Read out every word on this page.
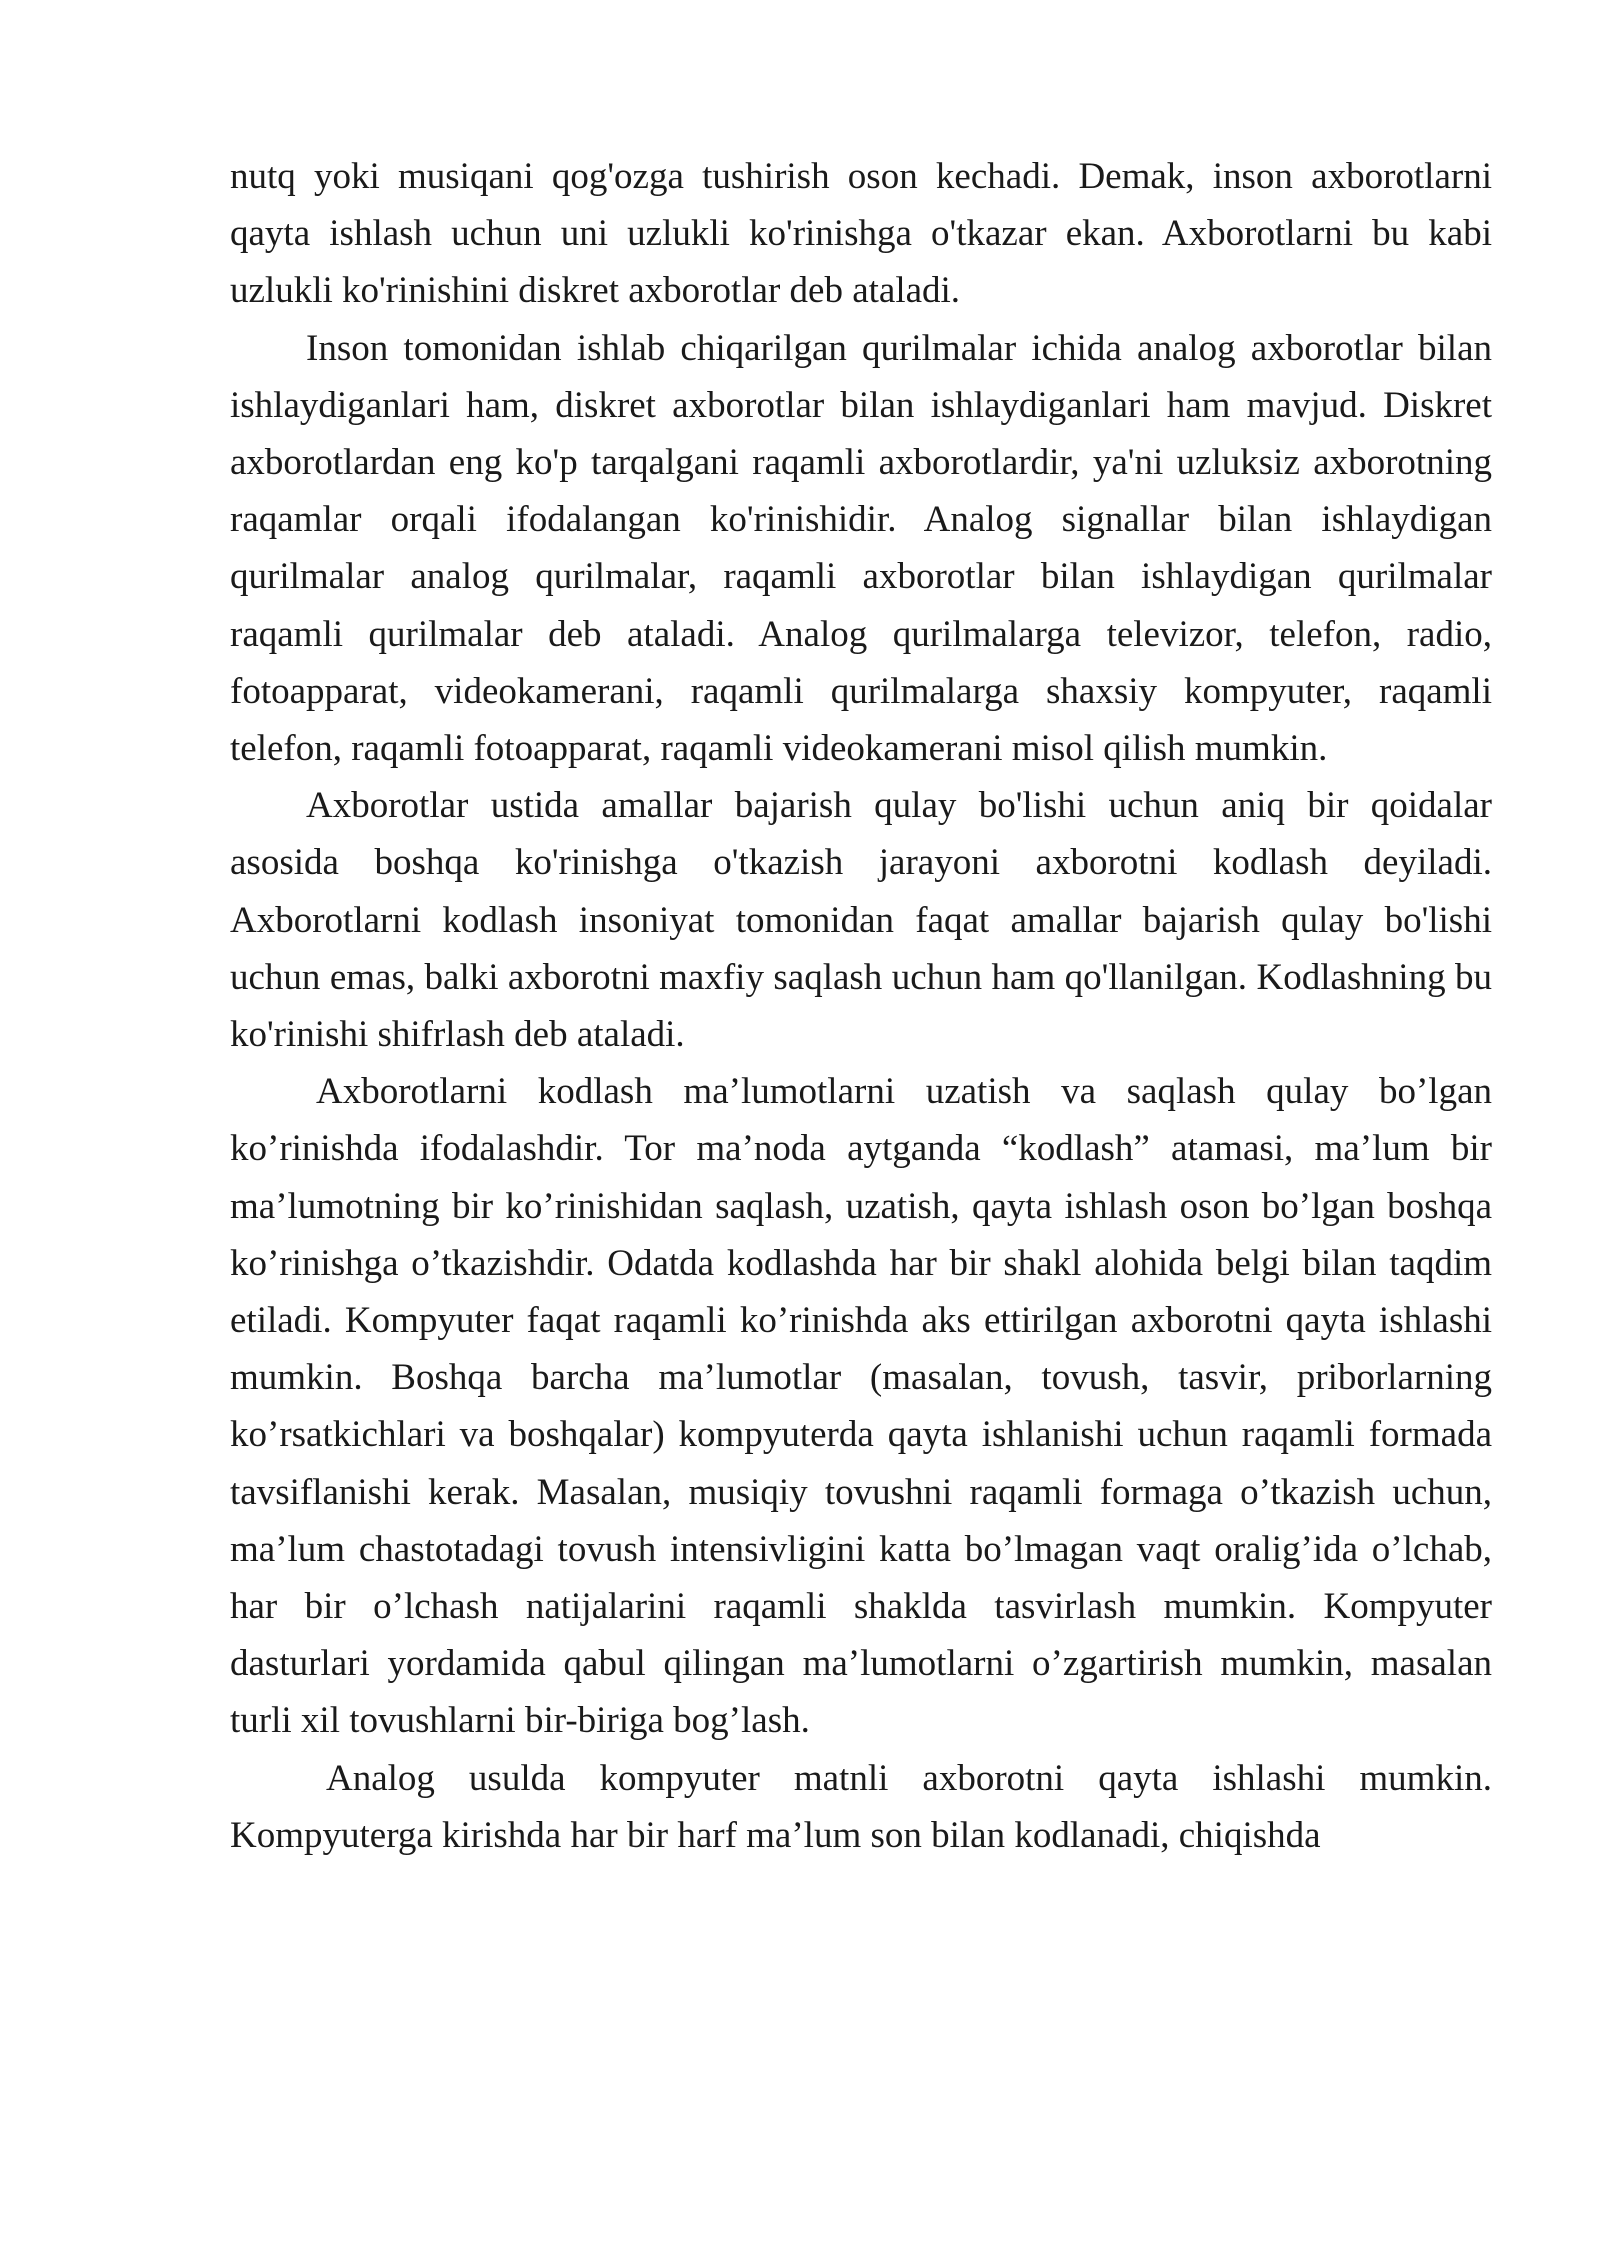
nutq yoki musiqani qog'ozga tushirish oson kechadi. Demak, inson axborotlarni qayta ishlash uchun uni uzlukli ko'rinishga o'tkazar ekan. Axborotlarni bu kabi uzlukli ko'rinishini diskret axborotlar deb ataladi.

Inson tomonidan ishlab chiqarilgan qurilmalar ichida analog axborotlar bilan ishlaydiganlari ham, diskret axborotlar bilan ishlaydiganlari ham mavjud. Diskret axborotlardan eng ko'p tarqalgani raqamli axborotlardir, ya'ni uzluksiz axborotning raqamlar orqali ifodalangan ko'rinishidir. Analog signallar bilan ishlaydigan qurilmalar analog qurilmalar, raqamli axborotlar bilan ishlaydigan qurilmalar raqamli qurilmalar deb ataladi. Analog qurilmalarga televizor, telefon, radio, fotoapparat, videokamerani, raqamli qurilmalarga shaxsiy kompyuter, raqamli telefon, raqamli fotoapparat, raqamli videokamerani misol qilish mumkin.

Axborotlar ustida amallar bajarish qulay bo'lishi uchun aniq bir qoidalar asosida boshqa ko'rinishga o'tkazish jarayoni axborotni kodlash deyiladi. Axborotlarni kodlash insoniyat tomonidan faqat amallar bajarish qulay bo'lishi uchun emas, balki axborotni maxfiy saqlash uchun ham qo'llanilgan. Kodlashning bu ko'rinishi shifrlash deb ataladi.

Axborotlarni kodlash ma’lumotlarni uzatish va saqlash qulay bo’lgan ko’rinishda ifodalashdir. Tor ma’noda aytganda “kodlash” atamasi, ma’lum bir ma’lumotning bir ko’rinishidan saqlash, uzatish, qayta ishlash oson bo’lgan boshqa ko’rinishga o’tkazishdir. Odatda kodlashda har bir shakl alohida belgi bilan taqdim etiladi. Kompyuter faqat raqamli ko’rinishda aks ettirilgan axborotni qayta ishlashi mumkin. Boshqa barcha ma’lumotlar (masalan, tovush, tasvir, priborlarning ko’rsatkichlari va boshqalar) kompyuterda qayta ishlanishi uchun raqamli formada tavsiflanishi kerak. Masalan, musiqiy tovushni raqamli formaga o’tkazish uchun, ma’lum chastotadagi tovush intensivligini katta bo’lmagan vaqt oralig’ida o’lchab, har bir o’lchash natijalarini raqamli shaklda tasvirlash mumkin. Kompyuter dasturlari yordamida qabul qilingan ma’lumotlarni o’zgartirish mumkin, masalan turli xil tovushlarni bir-biriga bog’lash.

Analog usulda kompyuter matnli axborotni qayta ishlashi mumkin. Kompyuterga kirishda har bir harf ma’lum son bilan kodlanadi, chiqishda
